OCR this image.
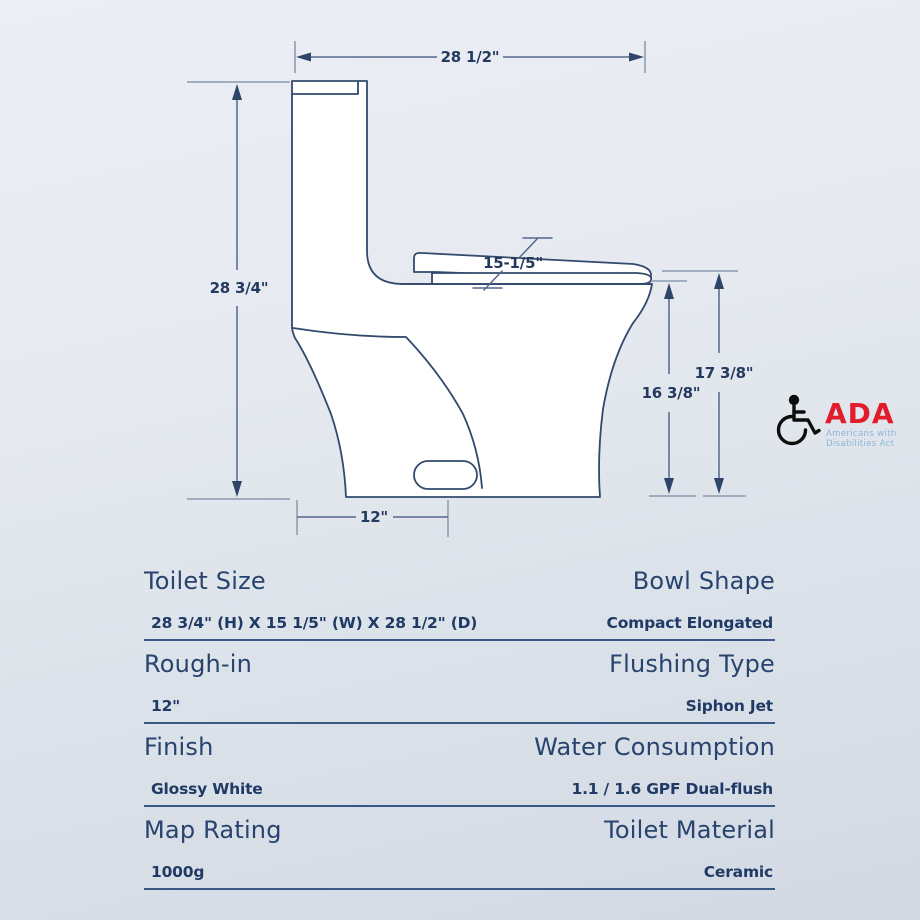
28 1/2"
28 3/4"
15-1/5"
16 3/8"
17 3/8"
12"
ADA
Americans with
Disabilities Act
Toilet Size	Bowl Shape
28 3/4" (H) X 15 1/5" (W) X 28 1/2" (D)	Compact Elongated
Rough-in	Flushing Type
12"	Siphon Jet
Finish	Water Consumption
Glossy White	1.1 / 1.6 GPF Dual-flush
Map Rating	Toilet Material
1000g	Ceramic
